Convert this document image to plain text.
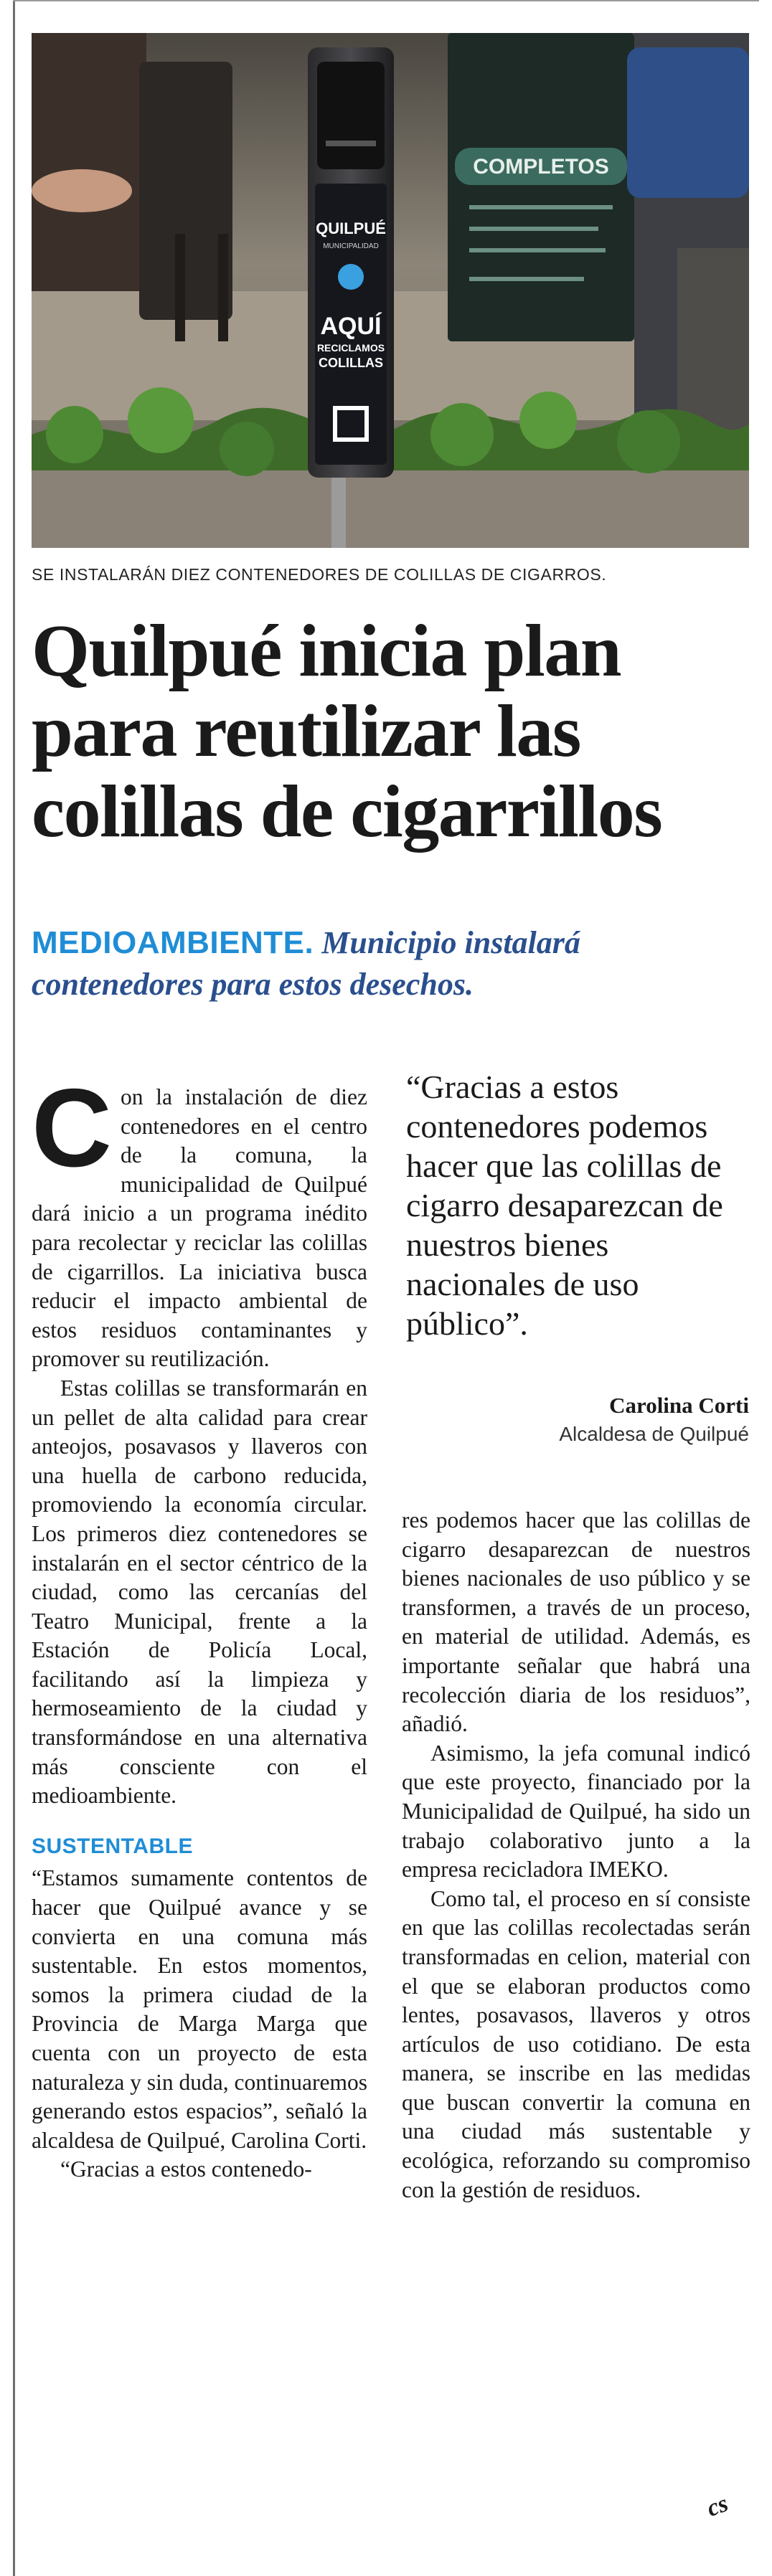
COMPLETOS
QUILPUÉ
MUNICIPALIDAD
AQUÍ
RECICLAMOS
COLILLAS
SE INSTALARÁN DIEZ CONTENEDORES DE COLILLAS DE CIGARROS.
Quilpué inicia plan
para reutilizar las
colillas de cigarrillos
MEDIOAMBIENTE. Municipio instalará contenedores para estos desechos.

Con la instalación de diez contenedores en el centro de la comuna, la municipalidad de Quilpué dará inicio a un programa inédito para recolectar y reciclar las colillas de cigarrillos. La iniciativa busca reducir el impacto ambiental de estos residuos contaminantes y promover su reutilización.

Estas colillas se transformarán en un pellet de alta calidad para crear anteojos, posavasos y llaveros con una huella de carbono reducida, promoviendo la economía circular. Los primeros diez contenedores se instalarán en el sector céntrico de la ciudad, como las cercanías del Teatro Municipal, frente a la Estación de Policía Local, facilitando así la limpieza y hermoseamiento de la ciudad y transformándose en una alternativa más consciente con el medioambiente.

SUSTENTABLE

“Estamos sumamente contentos de hacer que Quilpué avance y se convierta en una comuna más sustentable. En estos momentos, somos la primera ciudad de la Provincia de Marga Marga que cuenta con un proyecto de esta naturaleza y sin duda, continuaremos generando estos espacios”, señaló la alcaldesa de Quilpué, Carolina Corti.

“Gracias a estos contenedo-

“Gracias a estos contenedores podemos hacer que las colillas de cigarro desaparezcan de nuestros bienes nacionales de uso público”.
Carolina Corti
Alcaldesa de Quilpué

res podemos hacer que las colillas de cigarro desaparezcan de nuestros bienes nacionales de uso público y se transformen, a través de un proceso, en material de utilidad. Además, es importante señalar que habrá una recolección diaria de los residuos”, añadió.

Asimismo, la jefa comunal indicó que este proyecto, financiado por la Municipalidad de Quilpué, ha sido un trabajo colaborativo junto a la empresa recicladora IMEKO.

Como tal, el proceso en sí consiste en que las colillas recolectadas serán transformadas en celion, material con el que se elaboran productos como lentes, posavasos, llaveros y otros artículos de uso cotidiano. De esta manera, se inscribe en las medidas que buscan convertir la comuna en una ciudad más sustentable y ecológica, reforzando su compromiso con la gestión de residuos.

cs
